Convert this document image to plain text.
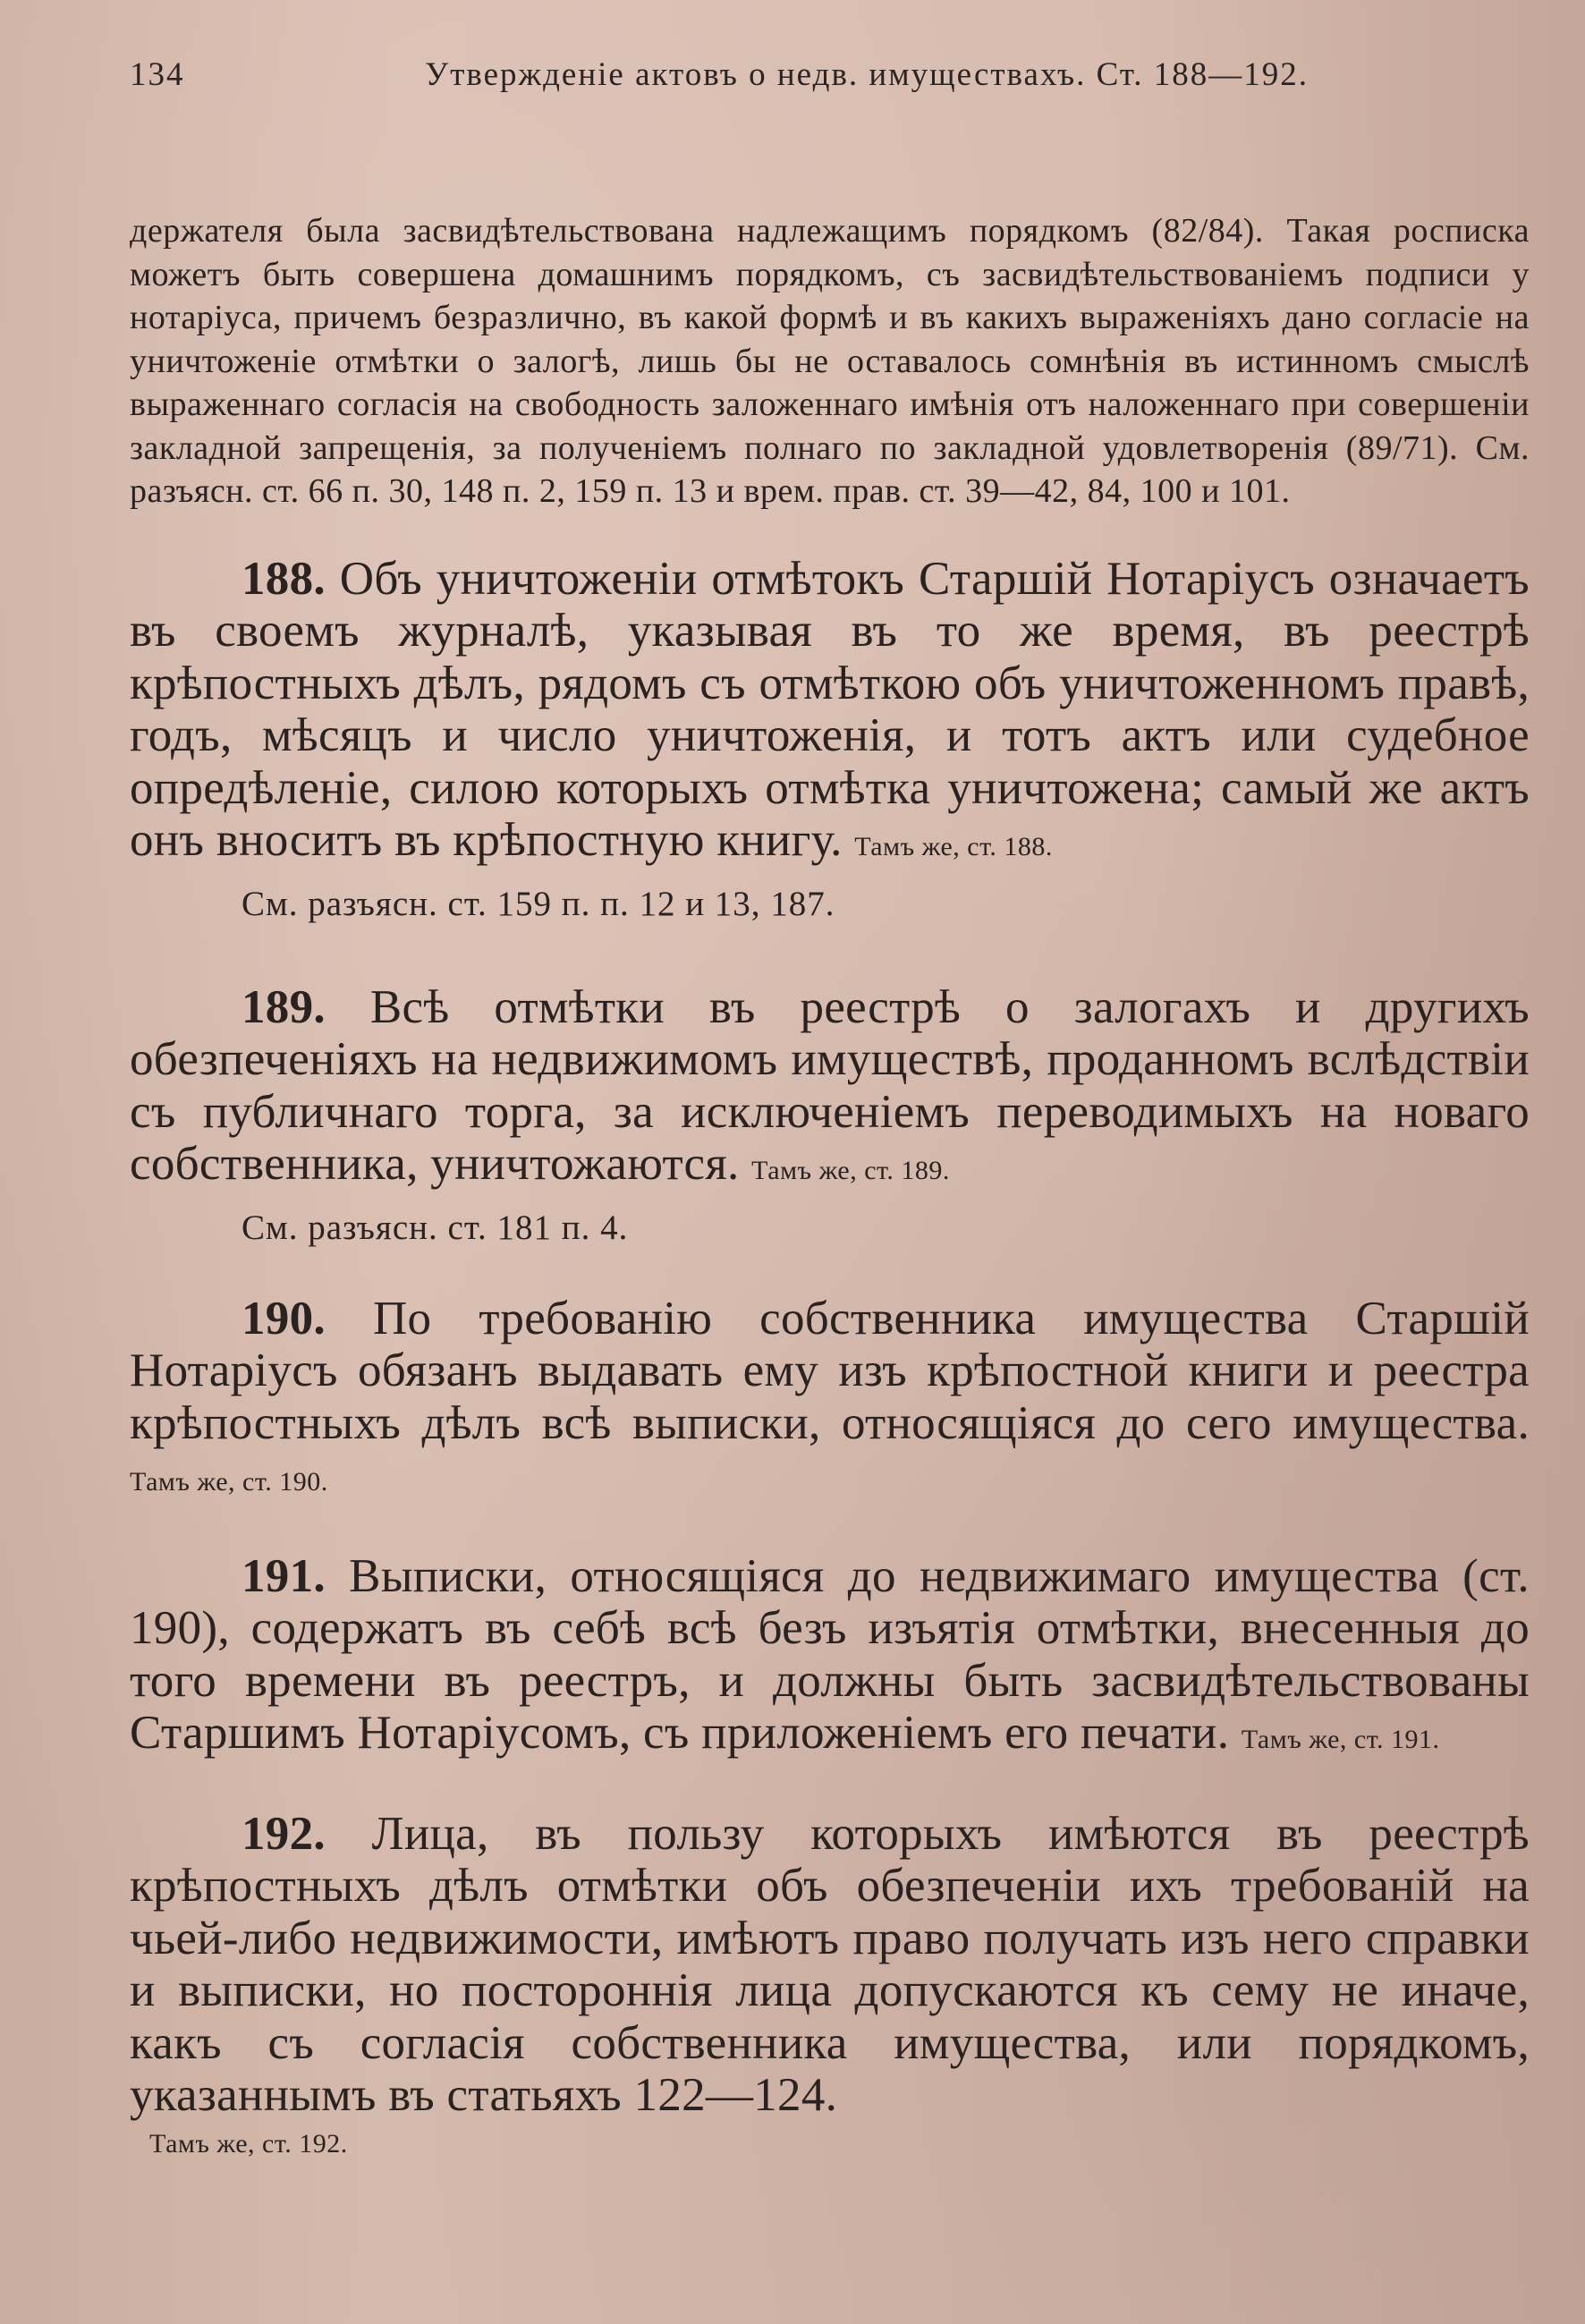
134	Утвержденіе актовъ о недв. имуществахъ. Ст. 188—192.

держателя была засвидѣтельствована надлежащимъ порядкомъ (82/84). Такая росписка можетъ быть совершена домашнимъ порядкомъ, съ засвидѣтельствованіемъ подписи у нотаріуса, причемъ безразлично, въ какой формѣ и въ какихъ выраженіяхъ дано согласіе на уничтоженіе отмѣтки о залогѣ, лишь бы не оставалось сомнѣнія въ истинномъ смыслѣ выраженнаго согласія на свободность заложеннаго имѣнія отъ наложеннаго при совершеніи закладной запрещенія, за полученіемъ полнаго по закладной удовлетворенія (89/71). См. разъясн. ст. 66 п. 30, 148 п. 2, 159 п. 13 и врем. прав. ст. 39—42, 84, 100 и 101.

188. Объ уничтоженіи отмѣтокъ Старшій Нотаріусъ означаетъ въ своемъ журналѣ, указывая въ то же время, въ реестрѣ крѣпостныхъ дѣлъ, рядомъ съ отмѣткою объ уничтоженномъ правѣ, годъ, мѣсяцъ и число уничтоженія, и тотъ актъ или судебное опредѣленіе, силою которыхъ отмѣтка уничтожена; самый же актъ онъ вноситъ въ крѣпостную книгу. Тамъ же, ст. 188.

См. разъясн. ст. 159 п. п. 12 и 13, 187.

189. Всѣ отмѣтки въ реестрѣ о залогахъ и другихъ обезпеченіяхъ на недвижимомъ имуществѣ, проданномъ вслѣдствіи съ публичнаго торга, за исключеніемъ переводимыхъ на новаго собственника, уничтожаются. Тамъ же, ст. 189.

См. разъясн. ст. 181 п. 4.

190. По требованію собственника имущества Старшій Нотаріусъ обязанъ выдавать ему изъ крѣпостной книги и реестра крѣпостныхъ дѣлъ всѣ выписки, относящіяся до сего имущества. Тамъ же, ст. 190.

191. Выписки, относящіяся до недвижимаго имущества (ст. 190), содержатъ въ себѣ всѣ безъ изъятія отмѣтки, внесенныя до того времени въ реестръ, и должны быть засвидѣтельствованы Старшимъ Нотаріусомъ, съ приложеніемъ его печати. Тамъ же, ст. 191.

192. Лица, въ пользу которыхъ имѣются въ реестрѣ крѣпостныхъ дѣлъ отмѣтки объ обезпеченіи ихъ требованій на чьей-либо недвижимости, имѣютъ право получать изъ него справки и выписки, но постороннія лица допускаются къ сему не иначе, какъ съ согласія собственника имущества, или порядкомъ, указаннымъ въ статьяхъ 122—124.

Тамъ же, ст. 192.
